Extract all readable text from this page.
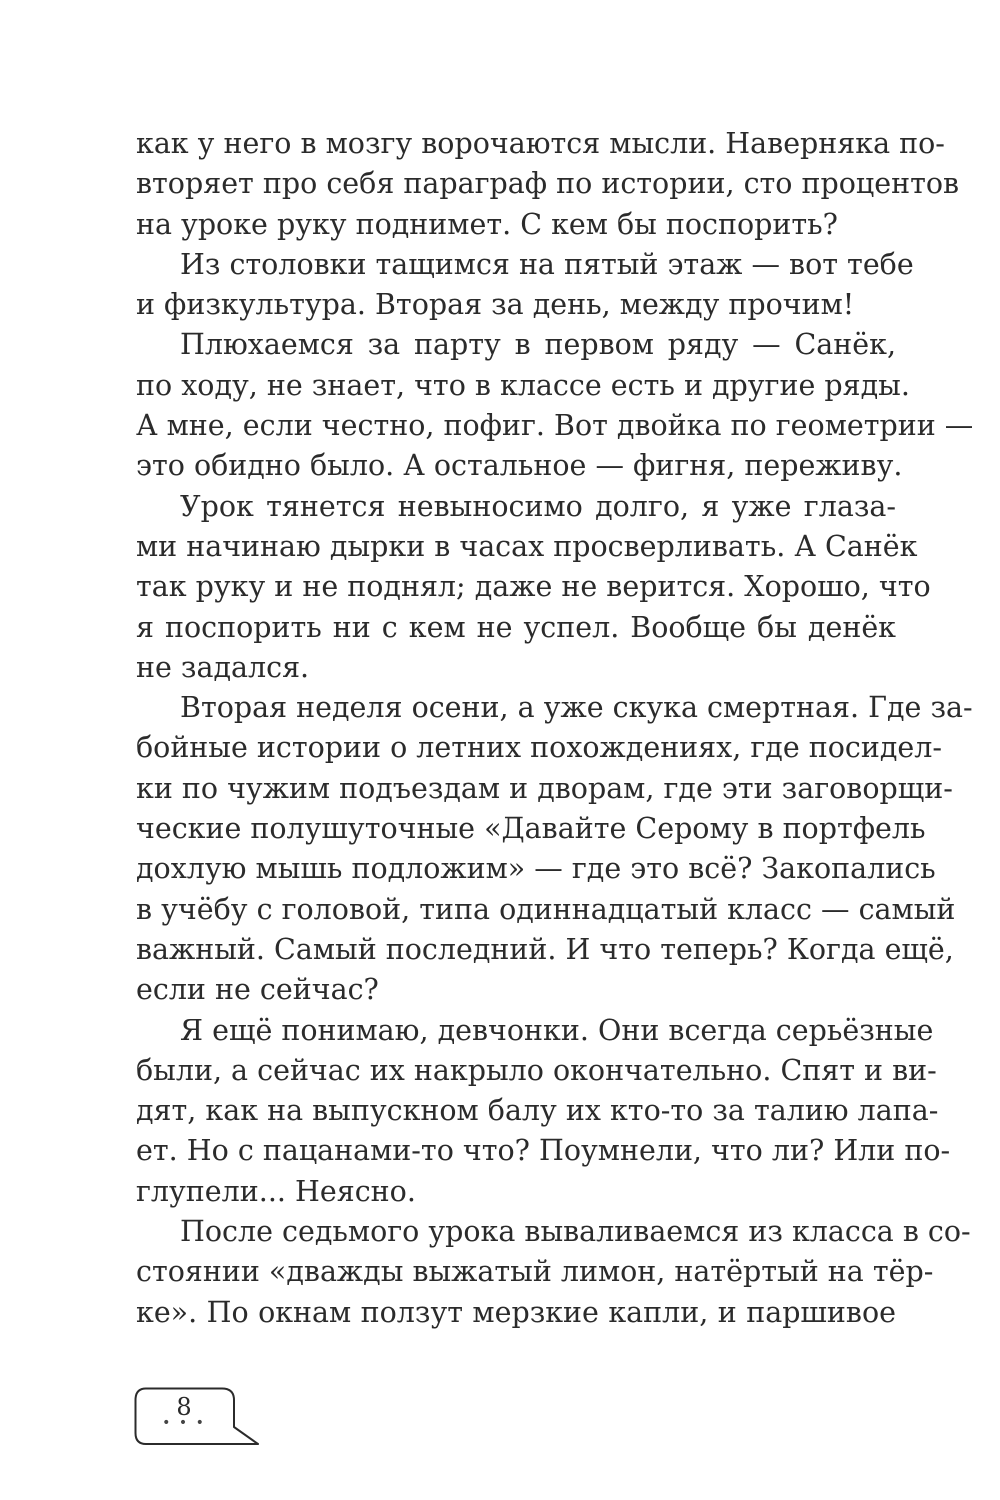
как у него в мозгу ворочаются мысли. Наверняка по-
вторяет про себя параграф по истории, сто процентов
на уроке руку поднимет. С кем бы поспорить?
Из столовки тащимся на пятый этаж — вот тебе
и физкультура. Вторая за день, между прочим!
Плюхаемся за парту в первом ряду — Санёк,
по ходу, не знает, что в классе есть и другие ряды.
А мне, если честно, пофиг. Вот двойка по геометрии —
это обидно было. А остальное — фигня, переживу.
Урок тянется невыносимо долго, я уже глаза-
ми начинаю дырки в часах просверливать. А Санёк
так руку и не поднял; даже не верится. Хорошо, что
я поспорить ни с кем не успел. Вообще бы денёк
не задался.
Вторая неделя осени, а уже скука смертная. Где за-
бойные истории о летних похождениях, где посидел-
ки по чужим подъездам и дворам, где эти заговорщи-
ческие полушуточные «Давайте Серому в портфель
дохлую мышь подложим» — где это всё? Закопались
в учёбу с головой, типа одиннадцатый класс — самый
важный. Самый последний. И что теперь? Когда ещё,
если не сейчас?
Я ещё понимаю, девчонки. Они всегда серьёзные
были, а сейчас их накрыло окончательно. Спят и ви-
дят, как на выпускном балу их кто-то за талию лапа-
ет. Но с пацанами-то что? Поумнели, что ли? Или по-
глупели... Неясно.
После седьмого урока вываливаемся из класса в со-
стоянии «дважды выжатый лимон, натёртый на тёр-
ке». По окнам ползут мерзкие капли, и паршивое
8
• • •
